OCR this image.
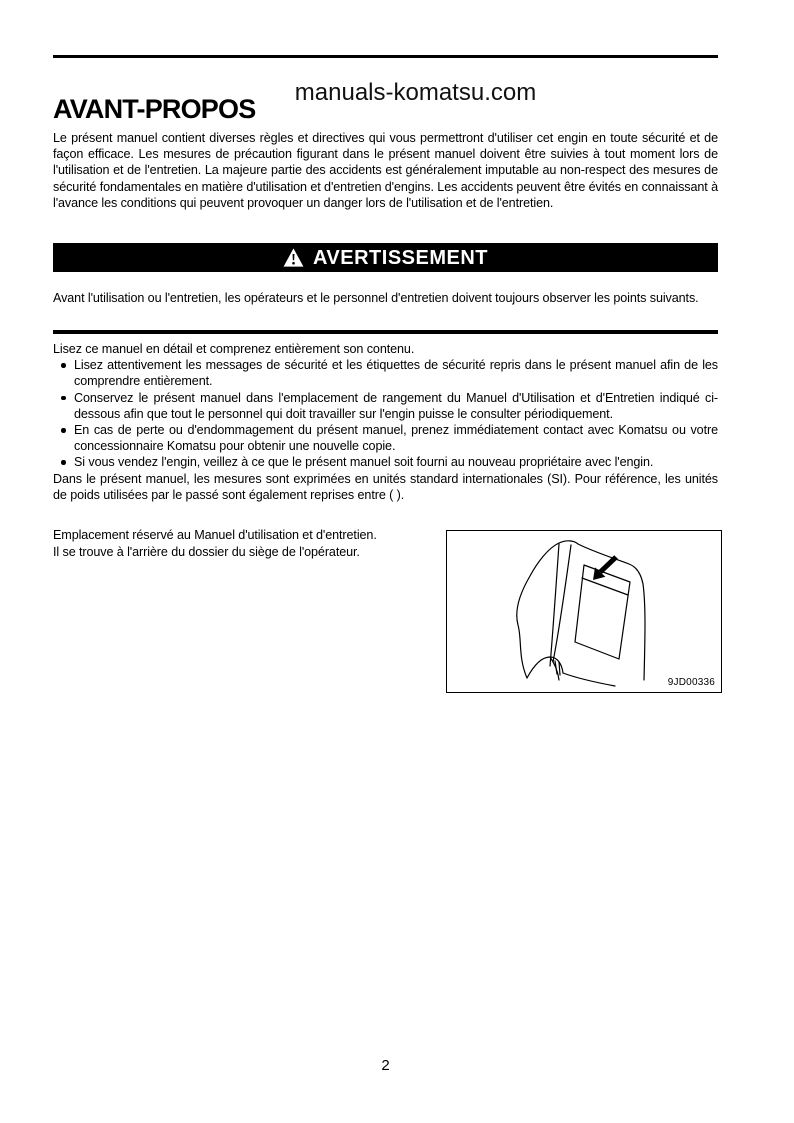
manuals-komatsu.com
AVANT-PROPOS

Le présent manuel contient diverses règles et directives qui vous permettront d'utiliser cet engin en toute sécurité et de façon efficace. Les mesures de précaution figurant dans le présent manuel doivent être suivies à tout moment lors de l'utilisation et de l'entretien. La majeure partie des accidents est généralement imputable au non-respect des mesures de sécurité fondamentales en matière d'utilisation et d'entretien d'engins. Les accidents peuvent être évités en connaissant à l'avance les conditions qui peuvent provoquer un danger lors de l'utilisation et de l'entretien.

AVERTISSEMENT

Avant l'utilisation ou l'entretien, les opérateurs et le personnel d'entretien doivent toujours observer les points suivants.

Lisez ce manuel en détail et comprenez entièrement son contenu.

Lisez attentivement les messages de sécurité et les étiquettes de sécurité repris dans le présent manuel afin de les comprendre entièrement.
Conservez le présent manuel dans l'emplacement de rangement du Manuel d'Utilisation et d'Entretien indiqué ci-dessous afin que tout le personnel qui doit travailler sur l'engin puisse le consulter périodiquement.
En cas de perte ou d'endommagement du présent manuel, prenez immédiatement contact avec Komatsu ou votre concessionnaire Komatsu pour obtenir une nouvelle copie.
Si vous vendez l'engin, veillez à ce que le présent manuel soit fourni au nouveau propriétaire avec l'engin.

Dans le présent manuel, les mesures sont exprimées en unités standard internationales (SI). Pour référence, les unités de poids utilisées par le passé sont également reprises entre ( ).

Emplacement réservé au Manuel d'utilisation et d'entretien.

Il se trouve à l'arrière du dossier du siège de l'opérateur.

9JD00336
2
